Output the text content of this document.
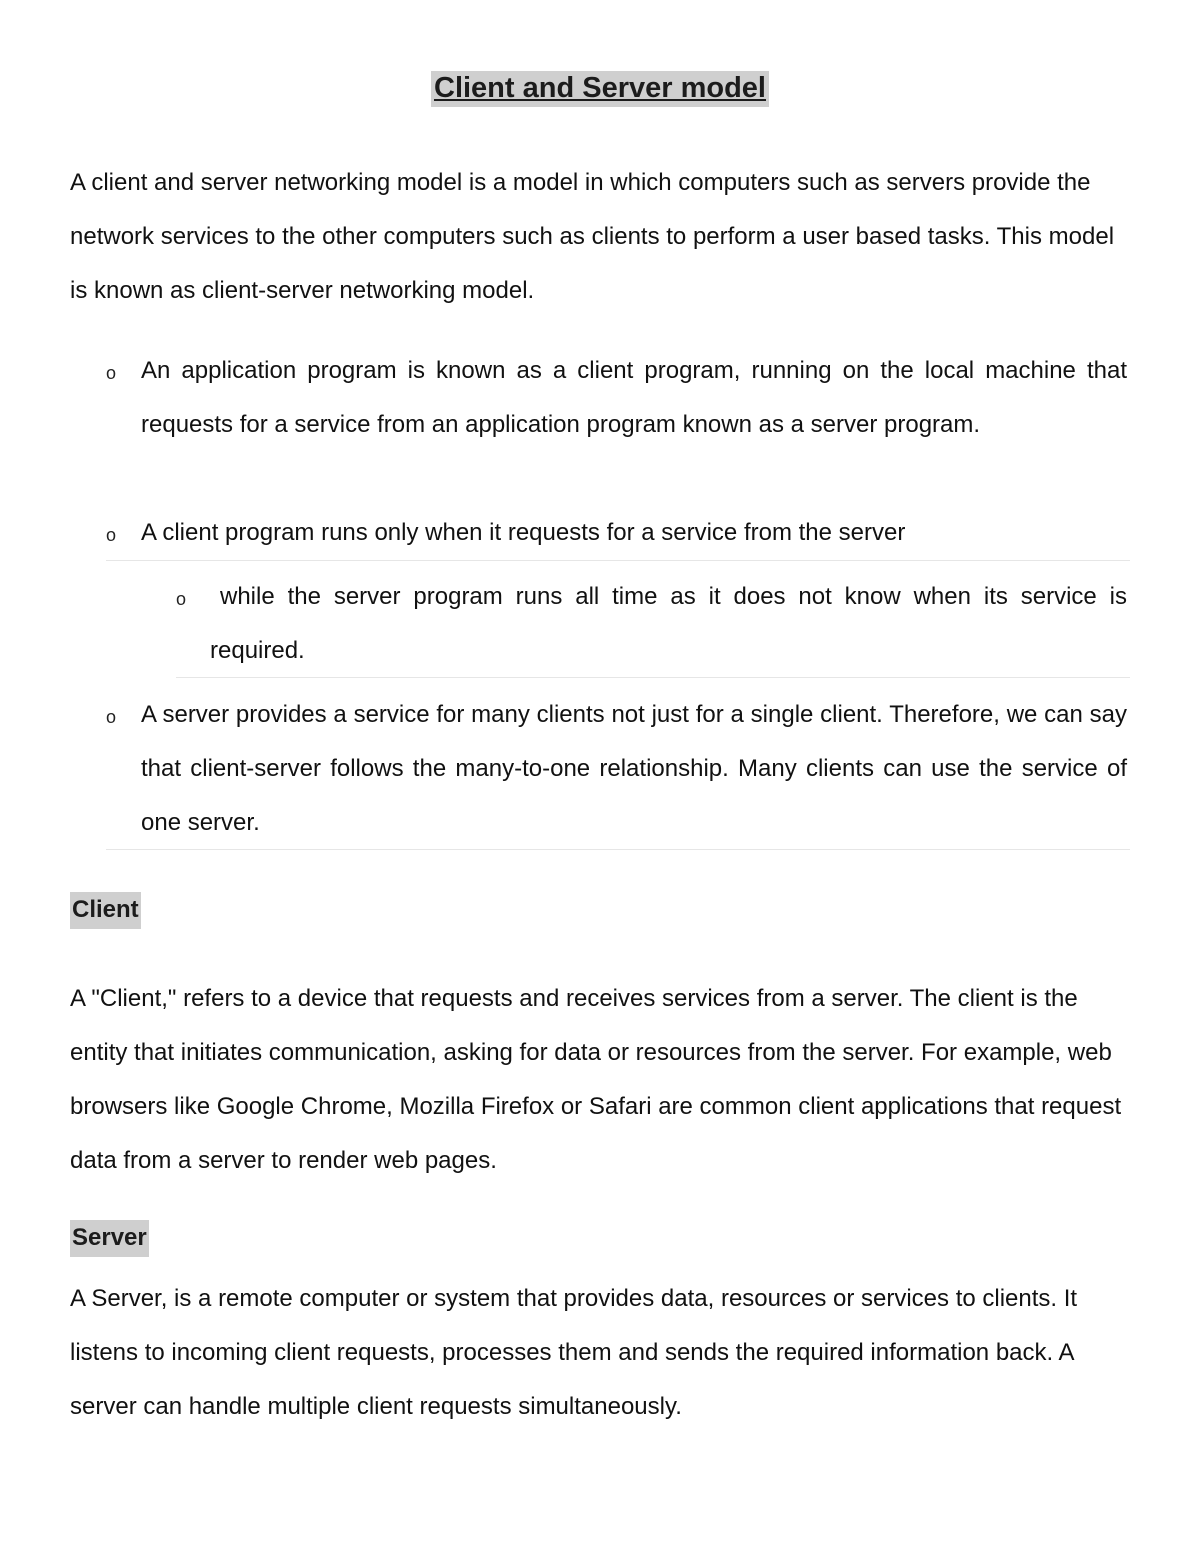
Client and Server model

A client and server networking model is a model in which computers such as servers provide the network services to the other computers such as clients to perform a user based tasks. This model is known as client-server networking model.

o An application program is known as a client program, running on the local machine that requests for a service from an application program known as a server program.

o A client program runs only when it requests for a service from the server

o	while the server program runs all time as it does not know when its service is required.

o A server provides a service for many clients not just for a single client. Therefore, we can say that client-server follows the many-to-one relationship. Many clients can use the service of one server.

Client

A "Client," refers to a device that requests and receives services from a server. The client is the entity that initiates communication, asking for data or resources from the server. For example, web browsers like Google Chrome, Mozilla Firefox or Safari are common client applications that request data from a server to render web pages.

Server

A Server, is a remote computer or system that provides data, resources or services to clients. It listens to incoming client requests, processes them and sends the required information back. A server can handle multiple client requests simultaneously.
